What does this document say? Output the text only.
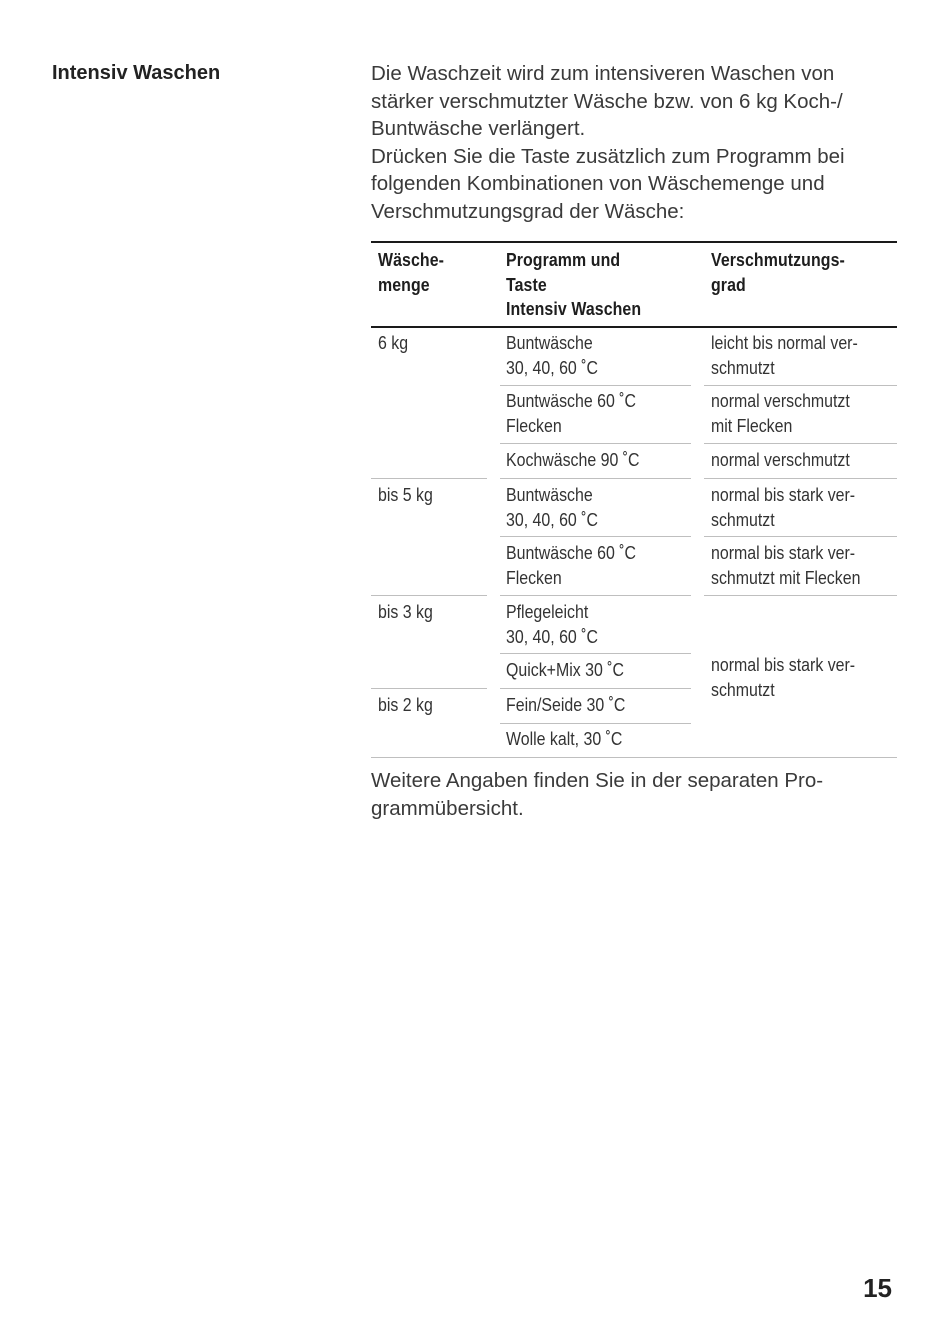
Intensiv Waschen	Die Waschzeit wird zum intensiveren Waschen von

stärker verschmutzter Wäsche bzw. von 6 kg Koch-/

Buntwäsche verlängert.

Drücken Sie die Taste zusätzlich zum Programm bei

folgenden Kombinationen von Wäschemenge und

Verschmutzungsgrad der Wäsche:

Wäsche-
menge
Programm und
Taste
Intensiv Waschen
Verschmutzungs-
grad
6 kg
bis 5 kg
bis 3 kg
bis 2 kg
Buntwäsche
30, 40, 60 ˚C
Buntwäsche 60 ˚C
Flecken
Kochwäsche 90 ˚C
Buntwäsche
30, 40, 60 ˚C
Buntwäsche 60 ˚C
Flecken
Pflegeleicht
30, 40, 60 ˚C
Quick+Mix 30 ˚C
Fein/Seide 30 ˚C
Wolle kalt, 30 ˚C
leicht bis normal ver-
schmutzt
normal verschmutzt
mit Flecken
normal verschmutzt
normal bis stark ver-
schmutzt
normal bis stark ver-
schmutzt mit Flecken
normal bis stark ver-
schmutzt
Weitere Angaben finden Sie in der separaten Pro-
grammübersicht.
15
